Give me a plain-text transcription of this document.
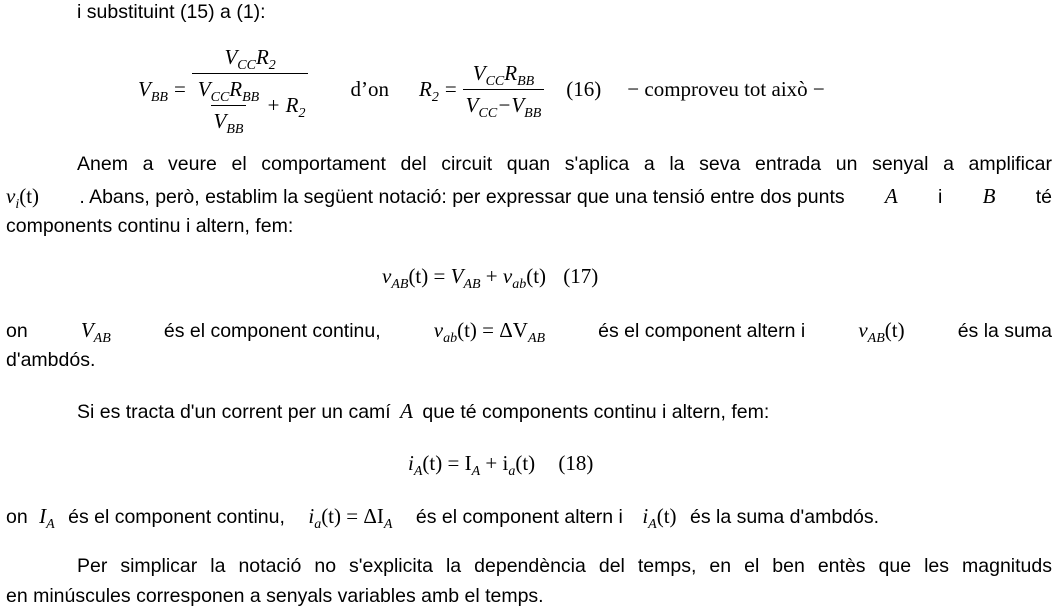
i substituint (15) a (1):
$V_{BB} = \frac{V_{CC}R_2}{\frac{V_{CC}R_{BB}}{V_{BB}} + R_2}$ d’on $R_2 = \frac{V_{CC}R_{BB}}{V_{CC}-V_{BB}} (16)$ − comproveu tot això −
Anem a veure el comportament del circuit quan s'aplica a la seva entrada un senyal a amplificar
$v_i(t)$ . Abans, però, establim la següent notació: per expressar que una tensió entre dos punts A i B té
components continu i altern, fem:
$v_{AB}(t) = V_{AB} + v_{ab}(t)$ (17)
on	$V_{AB}$	és el component continu,	$v_{ab}(t) = \Delta V_{AB}$	és el component altern i	$v_{AB}(t)$	és la suma
d'ambdós.
Si es tracta d'un corrent per un camí A que té components continu i altern, fem:
$i_A(t) = I_A + i_a(t)$ (18)
on $I_A$ és el component continu, $i_a(t) = \Delta I_A$ és el component altern i $i_A(t)$ és la suma d'ambdós.
Per simplicar la notació no s'explicita la dependència del temps, en el ben entès que les magnituds
en minúscules corresponen a senyals variables amb el temps.
